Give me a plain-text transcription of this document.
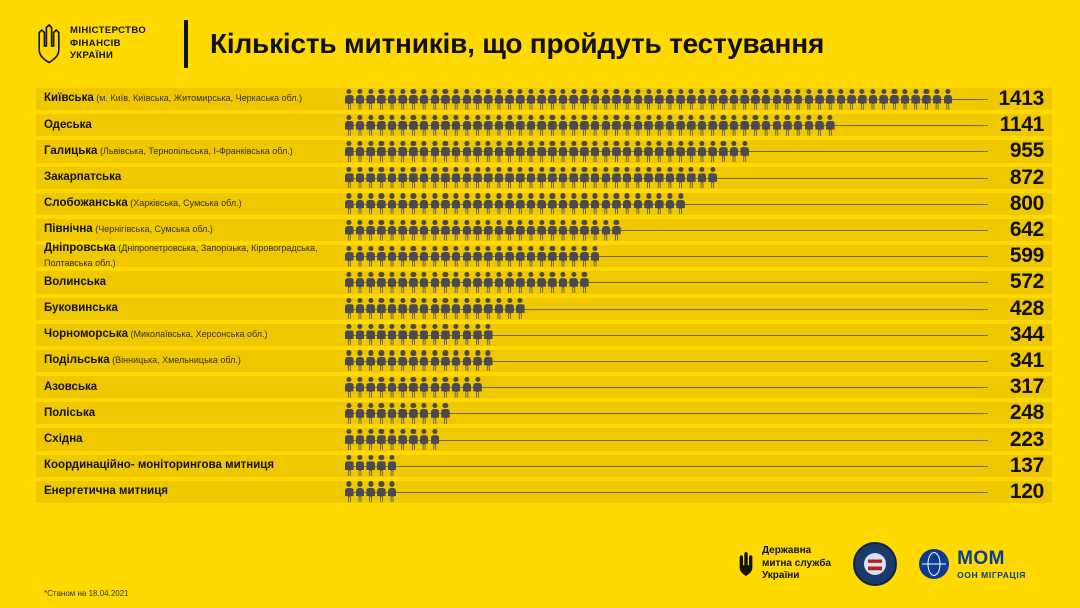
МІНІСТЕРСТВО
ФІНАНСІВ
УКРАЇНИ	Кількість митників, що пройдуть тестування
Київська (м. Київ, Київська, Житомирська, Черкаська обл.)	1413
Одеська	1141
Галицька (Львівська, Тернопільська, І-Франківська обл.)	955
Закарпатська	872
Слобожанська (Харківська, Сумська обл.)	800
Північна (Чернігівська, Сумська обл.)	642
Дніпровська (Дніпропетровська, Запорізька, Кіровоградська, Полтавська обл.)	599
Волинська	572
Буковинська	428
Чорноморська (Миколаївська, Херсонська обл.)	344
Подільська (Вінницька, Хмельницька обл.)	341
Азовська	317
Поліська	248
Східна	223
Координаційно- моніторингова митниця	137
Енергетична митниця	120
*Станом на 18.04.2021
Державна
митна служба
України
MOM
ООН МІГРАЦІЯ
